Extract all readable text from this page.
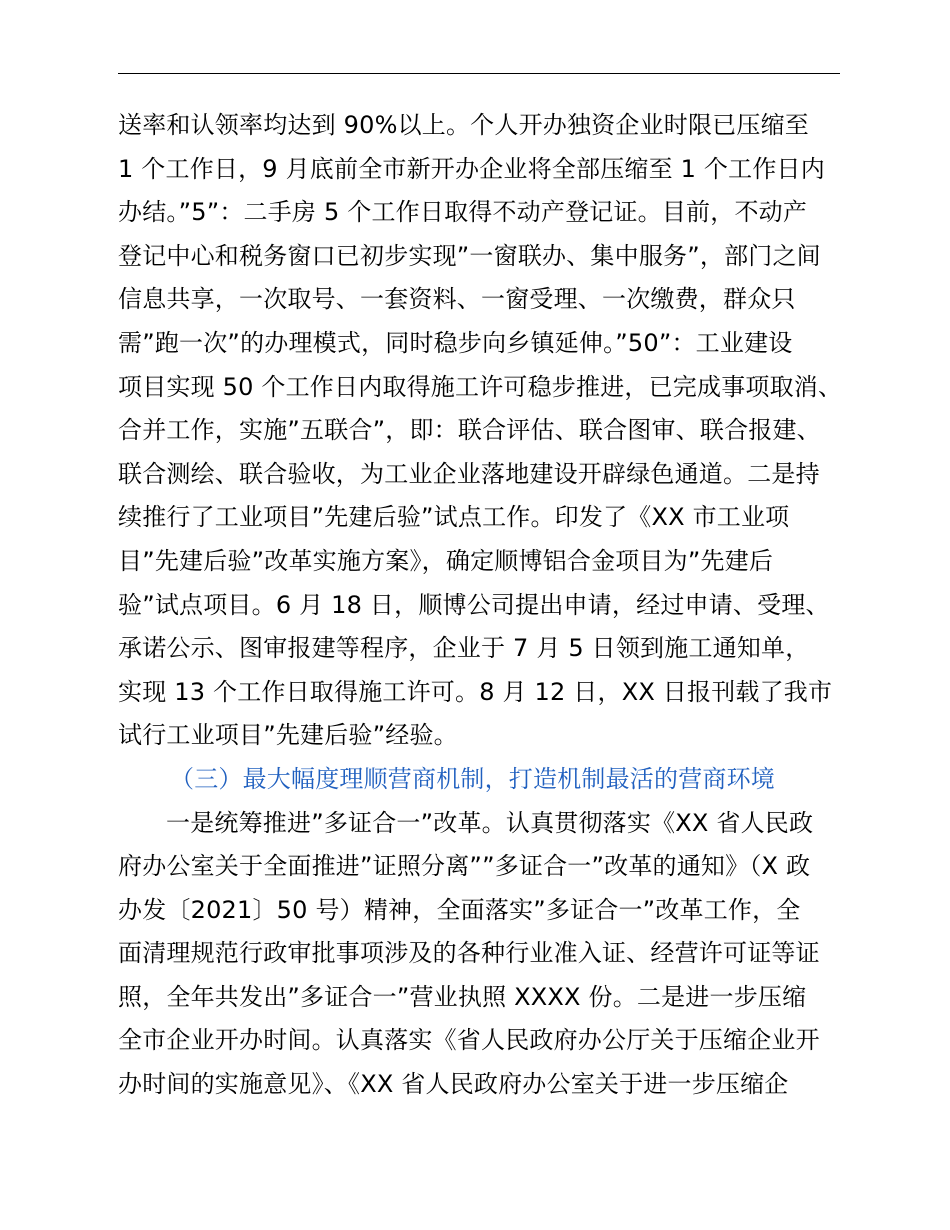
送率和认领率均达到 90%以上。个人开办独资企业时限已压缩至
1 个工作日，9 月底前全市新开办企业将全部压缩至 1 个工作日内
办结。”5”：二手房 5 个工作日取得不动产登记证。目前，不动产
登记中心和税务窗口已初步实现”一窗联办、集中服务”，部门之间
信息共享，一次取号、一套资料、一窗受理、一次缴费，群众只
需”跑一次”的办理模式，同时稳步向乡镇延伸。”50”：工业建设
项目实现 50 个工作日内取得施工许可稳步推进，已完成事项取消、
合并工作，实施”五联合”，即：联合评估、联合图审、联合报建、
联合测绘、联合验收，为工业企业落地建设开辟绿色通道。二是持
续推行了工业项目”先建后验”试点工作。印发了《XX 市工业项
目”先建后验”改革实施方案》，确定顺博铝合金项目为”先建后
验”试点项目。6 月 18 日，顺博公司提出申请，经过申请、受理、
承诺公示、图审报建等程序，企业于 7 月 5 日领到施工通知单，
实现 13 个工作日取得施工许可。8 月 12 日，XX 日报刊载了我市
试行工业项目”先建后验”经验。
（三）最大幅度理顺营商机制，打造机制最活的营商环境
一是统筹推进”多证合一”改革。认真贯彻落实《XX 省人民政
府办公室关于全面推进”证照分离””多证合一”改革的通知》（X 政
办发〔2021〕50 号）精神，全面落实”多证合一”改革工作，全
面清理规范行政审批事项涉及的各种行业准入证、经营许可证等证
照，全年共发出”多证合一”营业执照 XXXX 份。二是进一步压缩
全市企业开办时间。认真落实《省人民政府办公厅关于压缩企业开
办时间的实施意见》、《XX 省人民政府办公室关于进一步压缩企
